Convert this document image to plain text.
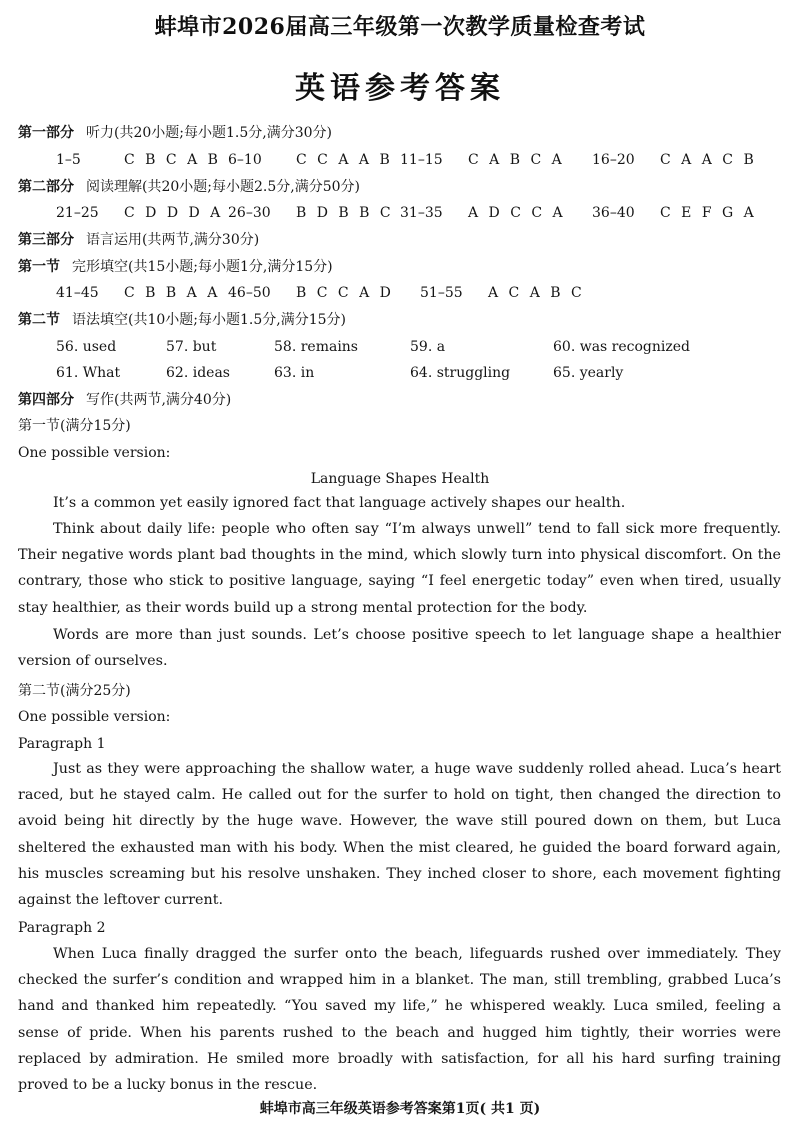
蚌埠市2026届高三年级第一次教学质量检查考试
英语参考答案
第一部分 听力(共20小题;每小题1.5分,满分30分)
1–5	C B C A B 6–10	C C A A B 11–15	C A B C A 16–20	C A A C B
第二部分 阅读理解(共20小题;每小题2.5分,满分50分)
21–25	C D D D A 26–30	B D B B C 31–35	A D C C A 36–40	C E F G A
第三部分 语言运用(共两节,满分30分)
第一节 完形填空(共15小题;每小题1分,满分15分)
41–45	C B B A A 46–50	B C C A D 51–55	A C A B C
第二节 语法填空(共10小题;每小题1.5分,满分15分)
56. used	57. but	58. remains	59. a	60. was recognized
61. What	62. ideas	63. in	64. struggling	65. yearly
第四部分 写作(共两节,满分40分)
第一节(满分15分)
One possible version:
Language Shapes Health

It’s a common yet easily ignored fact that language actively shapes our health.

Think about daily life: people who often say “I’m always unwell” tend to fall sick more frequently. Their negative words plant bad thoughts in the mind, which slowly turn into physical discomfort. On the contrary, those who stick to positive language, saying “I feel energetic today” even when tired, usually stay healthier, as their words build up a strong mental protection for the body.

Words are more than just sounds. Let’s choose positive speech to let language shape a healthier version of ourselves.

第二节(满分25分)
One possible version:
Paragraph 1

Just as they were approaching the shallow water, a huge wave suddenly rolled ahead. Luca’s heart raced, but he stayed calm. He called out for the surfer to hold on tight, then changed the direction to avoid being hit directly by the huge wave. However, the wave still poured down on them, but Luca sheltered the exhausted man with his body. When the mist cleared, he guided the board forward again, his muscles screaming but his resolve unshaken. They inched closer to shore, each movement fighting against the leftover current.

Paragraph 2

When Luca finally dragged the surfer onto the beach, lifeguards rushed over immediately. They checked the surfer’s condition and wrapped him in a blanket. The man, still trembling, grabbed Luca’s hand and thanked him repeatedly. “You saved my life,” he whispered weakly. Luca smiled, feeling a sense of pride. When his parents rushed to the beach and hugged him tightly, their worries were replaced by admiration. He smiled more broadly with satisfaction, for all his hard surfing training proved to be a lucky bonus in the rescue.

蚌埠市高三年级英语参考答案第1页( 共1 页)
